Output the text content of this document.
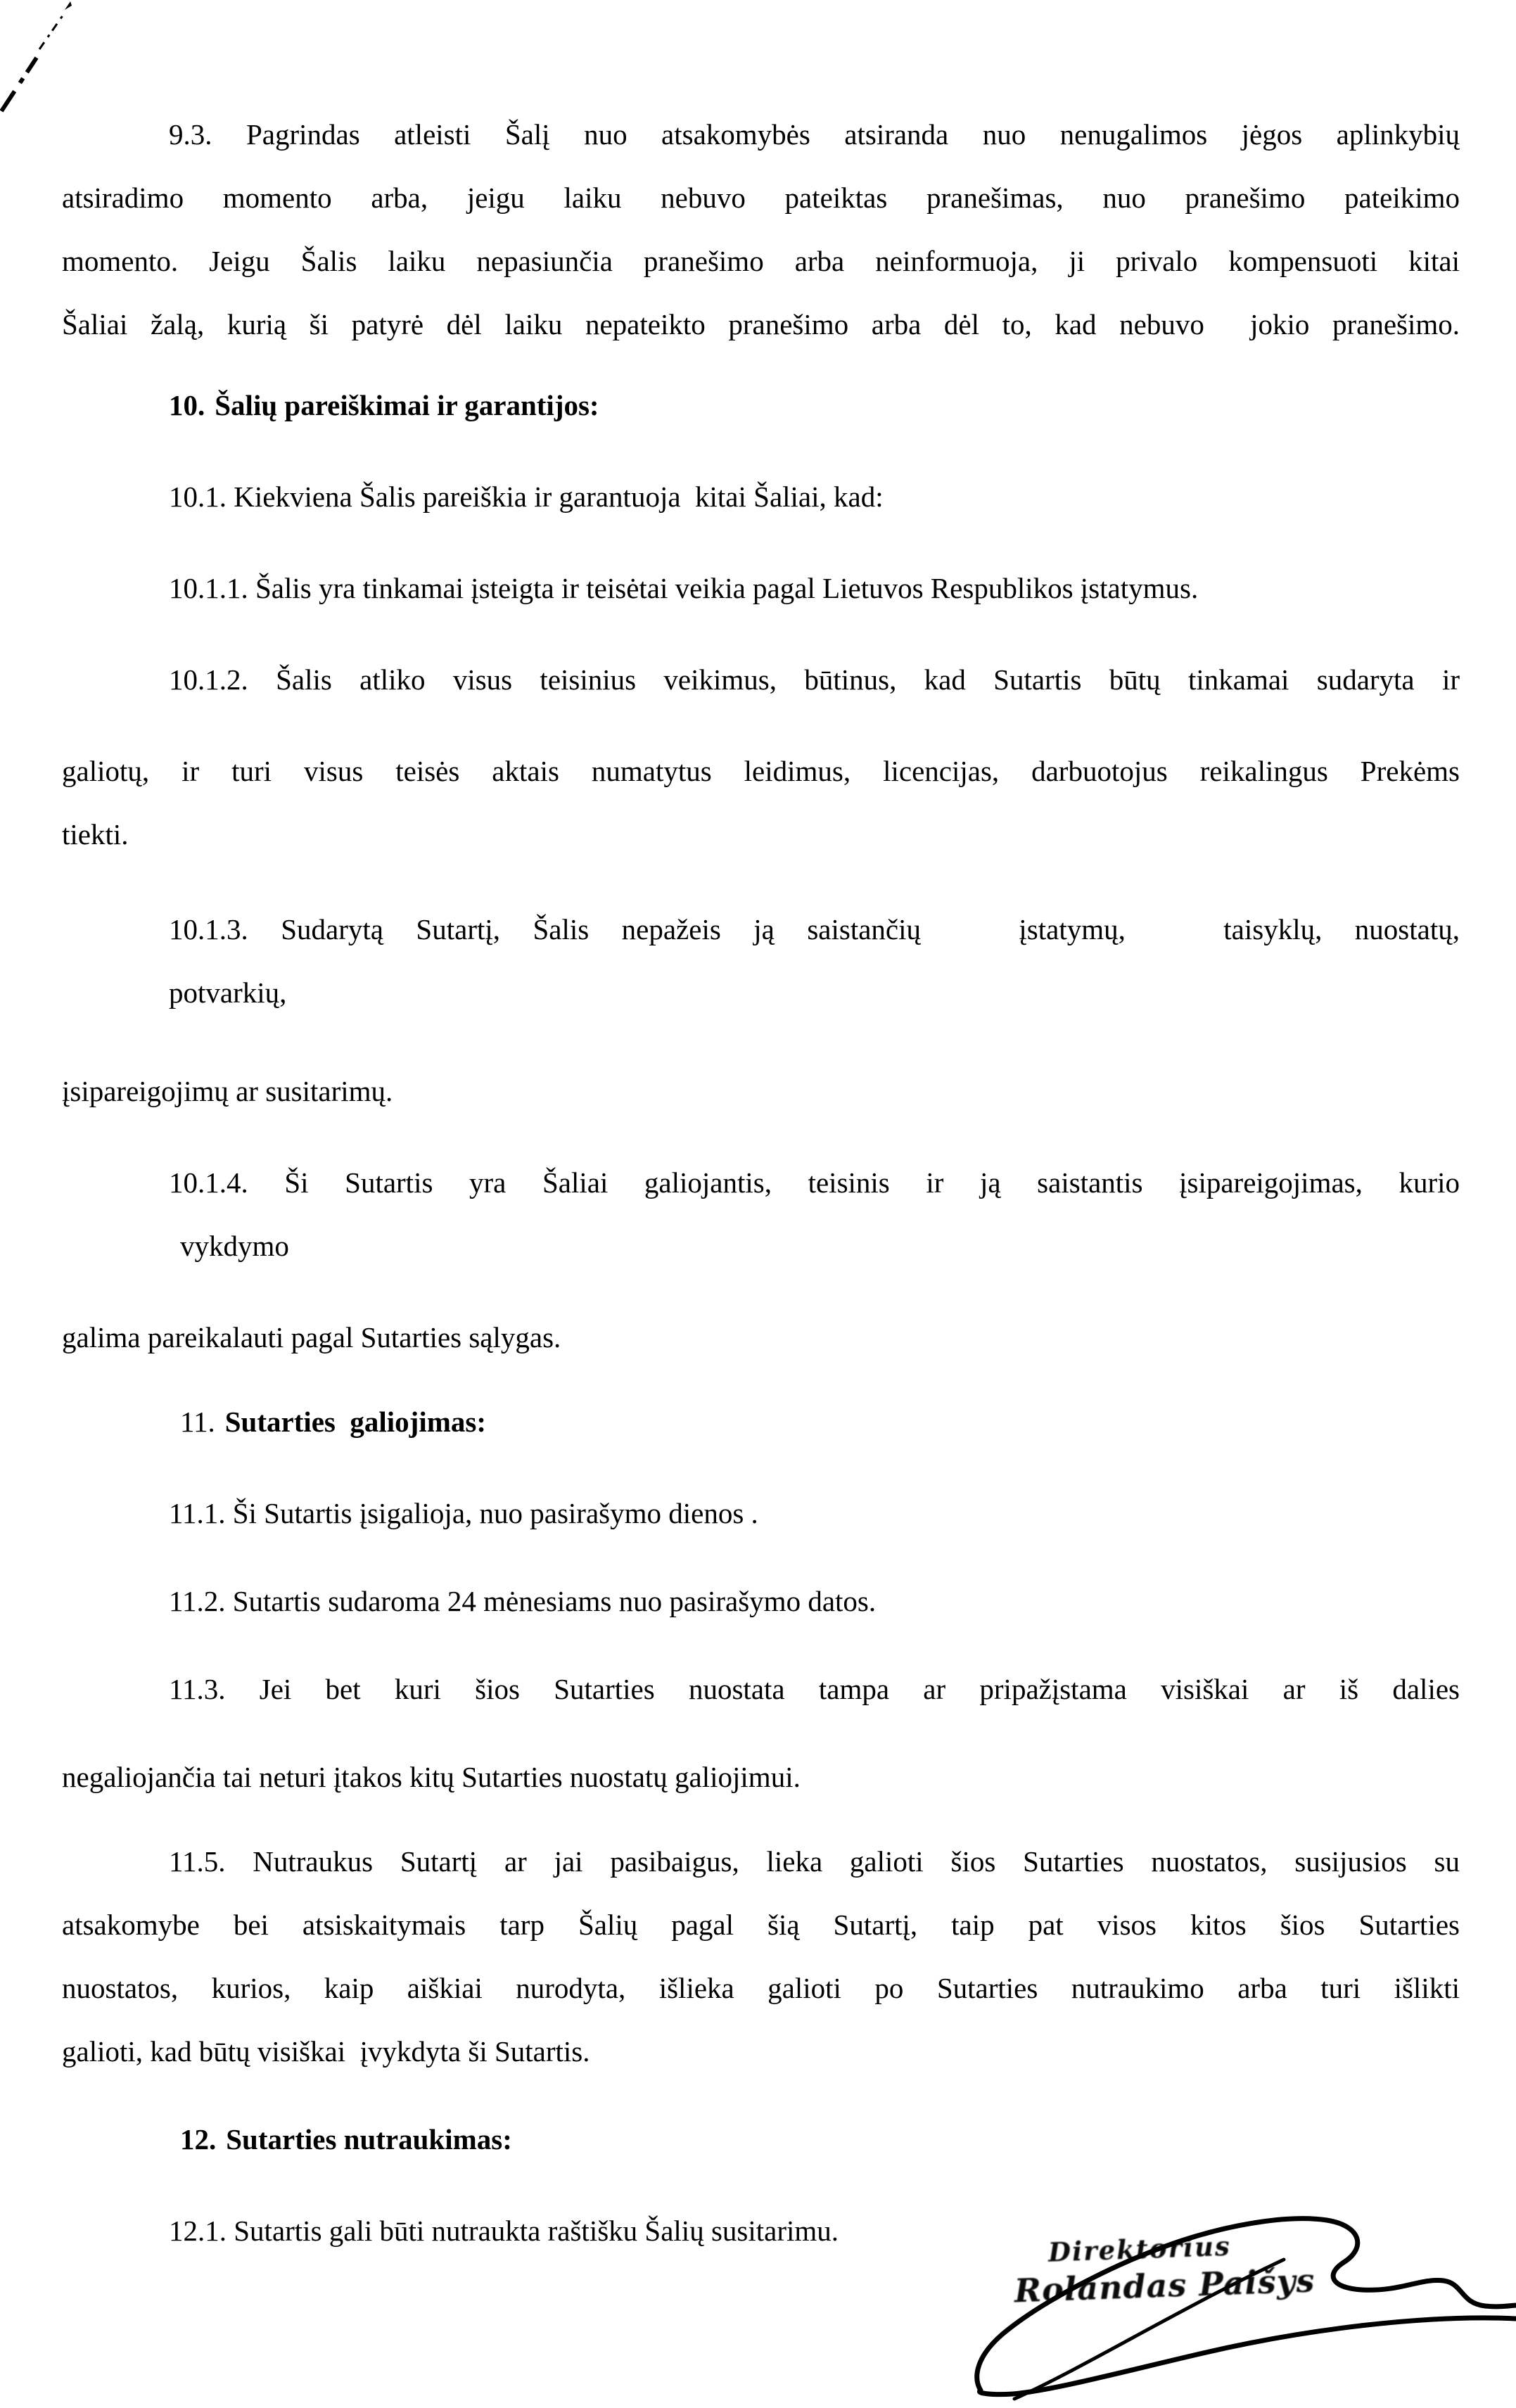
9.3. Pagrindas atleisti Šalį nuo atsakomybės atsiranda nuo nenugalimos jėgos aplinkybių
atsiradimo momento arba, jeigu laiku nebuvo pateiktas pranešimas, nuo pranešimo pateikimo
momento. Jeigu Šalis laiku nepasiunčia pranešimo arba neinformuoja, ji privalo kompensuoti kitai
Šaliai žalą, kurią ši patyrė dėl laiku nepateikto pranešimo arba dėl to, kad nebuvo  jokio pranešimo.
10. Šalių pareiškimai ir garantijos:
10.1. Kiekviena Šalis pareiškia ir garantuoja  kitai Šaliai, kad:
10.1.1. Šalis yra tinkamai įsteigta ir teisėtai veikia pagal Lietuvos Respublikos įstatymus.
10.1.2. Šalis atliko visus teisinius veikimus, būtinus, kad Sutartis būtų tinkamai sudaryta ir
galiotų, ir turi visus teisės aktais numatytus leidimus, licencijas, darbuotojus reikalingus Prekėms
tiekti.
10.1.3. Sudarytą Sutartį, Šalis nepažeis ją saistančių   įstatymų,   taisyklų, nuostatų,
potvarkių,
įsipareigojimų ar susitarimų.
10.1.4. Ši Sutartis yra Šaliai galiojantis, teisinis ir ją saistantis įsipareigojimas, kurio
vykdymo
galima pareikalauti pagal Sutarties sąlygas.
11. Sutarties  galiojimas:
11.1. Ši Sutartis įsigalioja, nuo pasirašymo dienos .
11.2. Sutartis sudaroma 24 mėnesiams nuo pasirašymo datos.
11.3. Jei bet kuri šios Sutarties nuostata tampa ar pripažįstama visiškai ar iš dalies
negaliojančia tai neturi įtakos kitų Sutarties nuostatų galiojimui.
11.5. Nutraukus Sutartį ar jai pasibaigus, lieka galioti šios Sutarties nuostatos, susijusios su
atsakomybe bei atsiskaitymais tarp Šalių pagal šią Sutartį, taip pat visos kitos šios Sutarties
nuostatos, kurios, kaip aiškiai nurodyta, išlieka galioti po Sutarties nutraukimo arba turi išlikti
galioti, kad būtų visiškai  įvykdyta ši Sutartis.
12. Sutarties nutraukimas:
12.1. Sutartis gali būti nutraukta raštišku Šalių susitarimu.	Direktorius
Rolandas Paišys
